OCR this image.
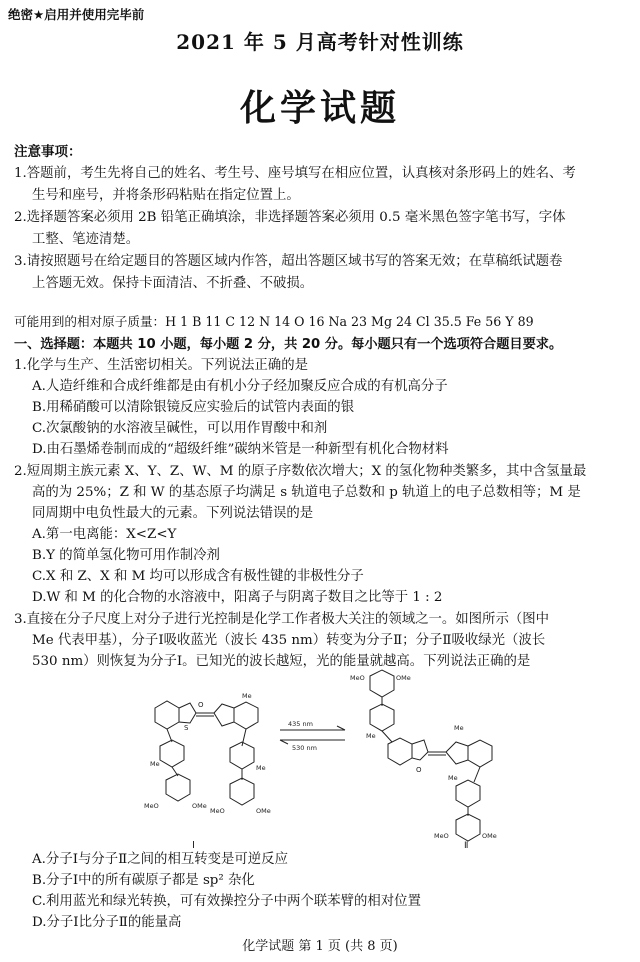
绝密★启用并使用完毕前
2021 年 5 月高考针对性训练
化学试题
注意事项：
1.答题前，考生先将自己的姓名、考生号、座号填写在相应位置，认真核对条形码上的姓名、考
生号和座号，并将条形码粘贴在指定位置上。
2.选择题答案必须用 2B 铅笔正确填涂，非选择题答案必须用 0.5 毫米黑色签字笔书写，字体
工整、笔迹清楚。
3.请按照题号在给定题目的答题区域内作答，超出答题区域书写的答案无效；在草稿纸试题卷
上答题无效。保持卡面清洁、不折叠、不破损。
可能用到的相对原子质量：H 1 B 11 C 12 N 14 O 16 Na 23 Mg 24 Cl 35.5 Fe 56 Y 89
一、选择题：本题共 10 小题，每小题 2 分，共 20 分。每小题只有一个选项符合题目要求。
1.化学与生产、生活密切相关。下列说法正确的是
A.人造纤维和合成纤维都是由有机小分子经加聚反应合成的有机高分子
B.用稀硝酸可以清除银镜反应实验后的试管内表面的银
C.次氯酸钠的水溶液呈碱性，可以用作胃酸中和剂
D.由石墨烯卷制而成的“超级纤维”碳纳米管是一种新型有机化合物材料
2.短周期主族元素 X、Y、Z、W、M 的原子序数依次增大；X 的氢化物种类繁多，其中含氢量最
高的为 25%；Z 和 W 的基态原子均满足 s 轨道电子总数和 p 轨道上的电子总数相等；M 是
同周期中电负性最大的元素。下列说法错误的是
A.第一电离能：X<Z<Y
B.Y 的简单氢化物可用作制冷剂
C.X 和 Z、X 和 M 均可以形成含有极性键的非极性分子
D.W 和 M 的化合物的水溶液中，阳离子与阴离子数目之比等于 1 : 2
3.直接在分子尺度上对分子进行光控制是化学工作者极大关注的领域之一。如图所示（图中
Me 代表甲基），分子Ⅰ吸收蓝光（波长 435 nm）转变为分子Ⅱ；分子Ⅱ吸收绿光（波长
530 nm）则恢复为分子Ⅰ。已知光的波长越短，光的能量就越高。下列说法正确的是
435 nm
530 nm
O
S
Me
Me	Me
MeO	OMe
MeO	OMe
Ⅰ
MeO	OMe
Me
O
Me
Me
MeO	OMe
Ⅱ
A.分子Ⅰ与分子Ⅱ之间的相互转变是可逆反应
B.分子Ⅰ中的所有碳原子都是 sp² 杂化
C.利用蓝光和绿光转换，可有效操控分子中两个联苯臂的相对位置
D.分子Ⅰ比分子Ⅱ的能量高
化学试题 第 1 页 (共 8 页)
